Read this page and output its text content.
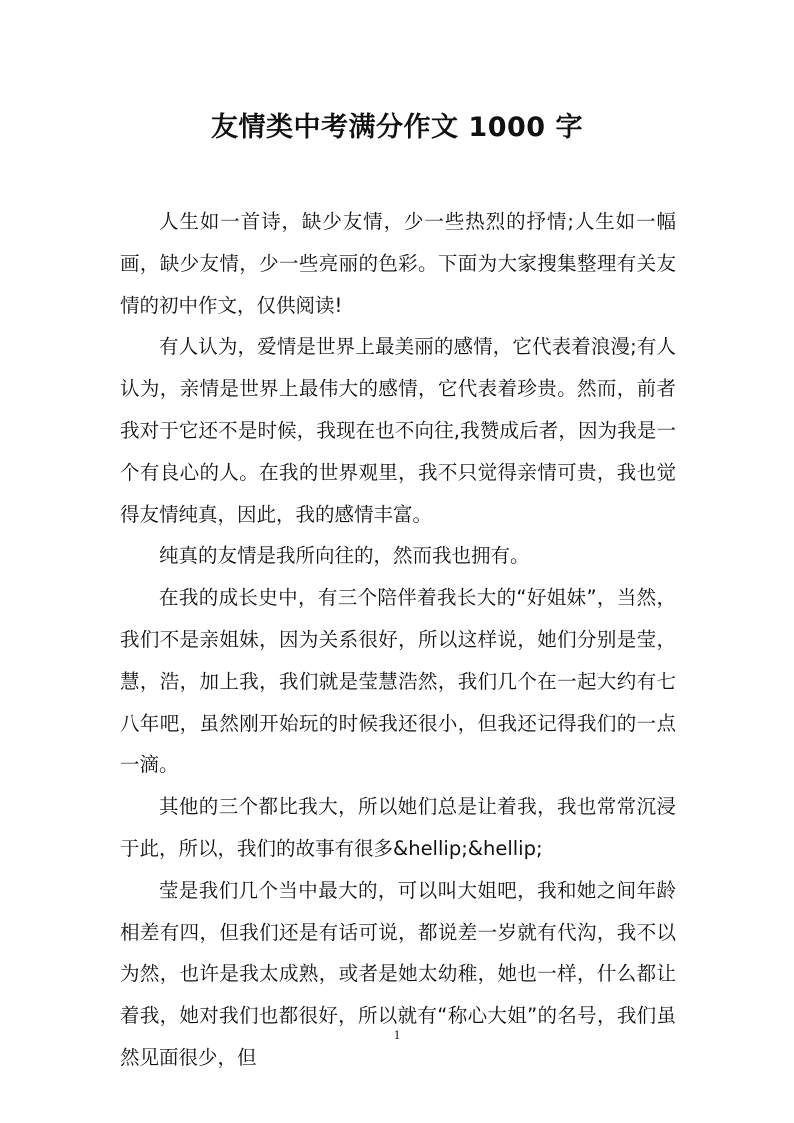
友情类中考满分作文 1000 字

人生如一首诗，缺少友情，少一些热烈的抒情;人生如一幅画，缺少友情，少一些亮丽的色彩。下面为大家搜集整理有关友情的初中作文，仅供阅读!

有人认为，爱情是世界上最美丽的感情，它代表着浪漫;有人认为，亲情是世界上最伟大的感情，它代表着珍贵。然而，前者我对于它还不是时候，我现在也不向往,我赞成后者，因为我是一个有良心的人。在我的世界观里，我不只觉得亲情可贵，我也觉得友情纯真，因此，我的感情丰富。

纯真的友情是我所向往的，然而我也拥有。

在我的成长史中，有三个陪伴着我长大的“好姐妹”，当然，我们不是亲姐妹，因为关系很好，所以这样说，她们分别是莹，慧，浩，加上我，我们就是莹慧浩然，我们几个在一起大约有七八年吧，虽然刚开始玩的时候我还很小，但我还记得我们的一点一滴。

其他的三个都比我大，所以她们总是让着我，我也常常沉浸于此，所以，我们的故事有很多&hellip;&hellip;

莹是我们几个当中最大的，可以叫大姐吧，我和她之间年龄相差有四，但我们还是有话可说，都说差一岁就有代沟，我不以为然，也许是我太成熟，或者是她太幼稚，她也一样，什么都让着我，她对我们也都很好，所以就有“称心大姐”的名号，我们虽然见面很少，但

1
